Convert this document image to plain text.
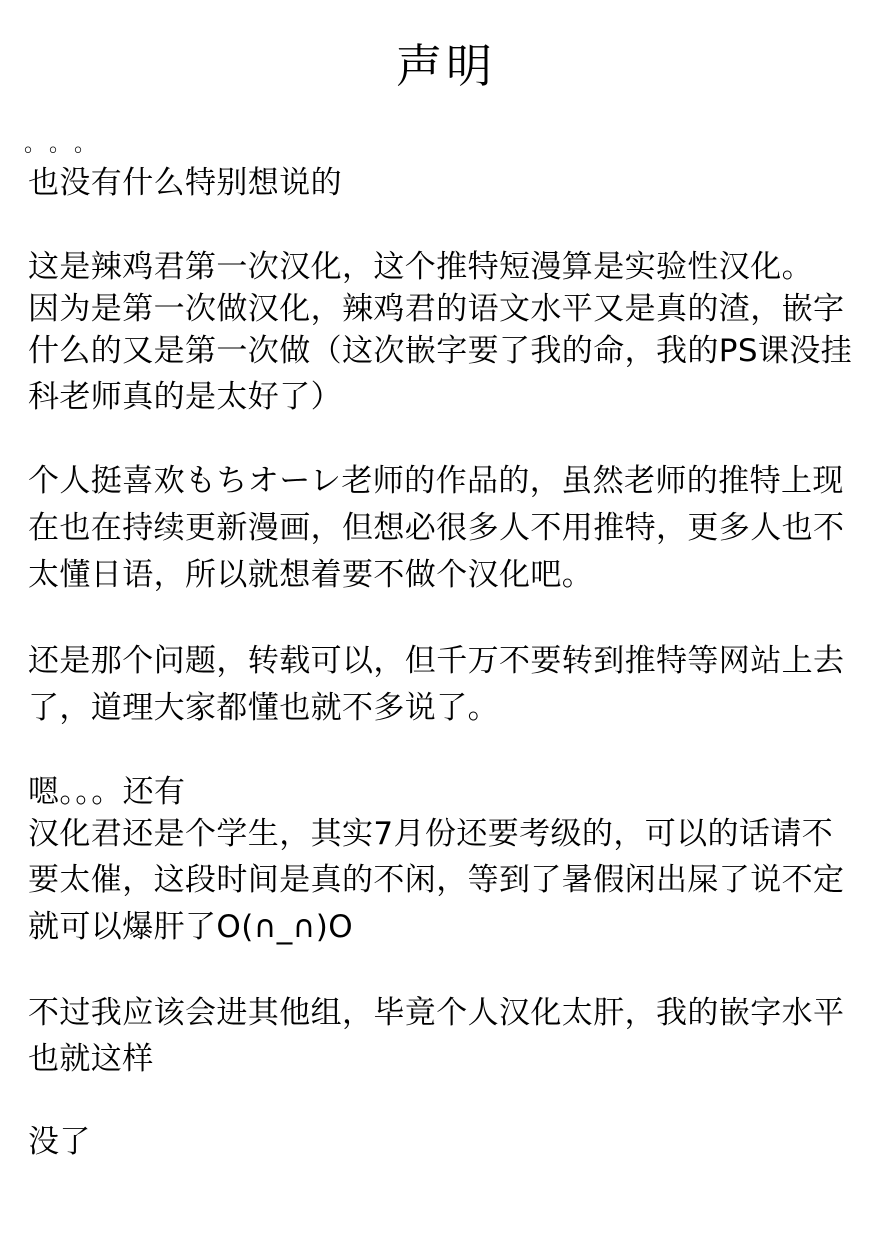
声明
。。。
也没有什么特别想说的
这是辣鸡君第一次汉化，这个推特短漫算是实验性汉化。
因为是第一次做汉化，辣鸡君的语文水平又是真的渣，嵌字
什么的又是第一次做（这次嵌字要了我的命，我的PS课没挂
科老师真的是太好了）
个人挺喜欢もちオーレ老师的作品的，虽然老师的推特上现
在也在持续更新漫画，但想必很多人不用推特，更多人也不
太懂日语，所以就想着要不做个汉化吧。
还是那个问题，转载可以，但千万不要转到推特等网站上去
了，道理大家都懂也就不多说了。
嗯。。。还有
汉化君还是个学生，其实7月份还要考级的，可以的话请不
要太催，这段时间是真的不闲，等到了暑假闲出屎了说不定
就可以爆肝了O(∩_∩)O
不过我应该会进其他组，毕竟个人汉化太肝，我的嵌字水平
也就这样
没了
